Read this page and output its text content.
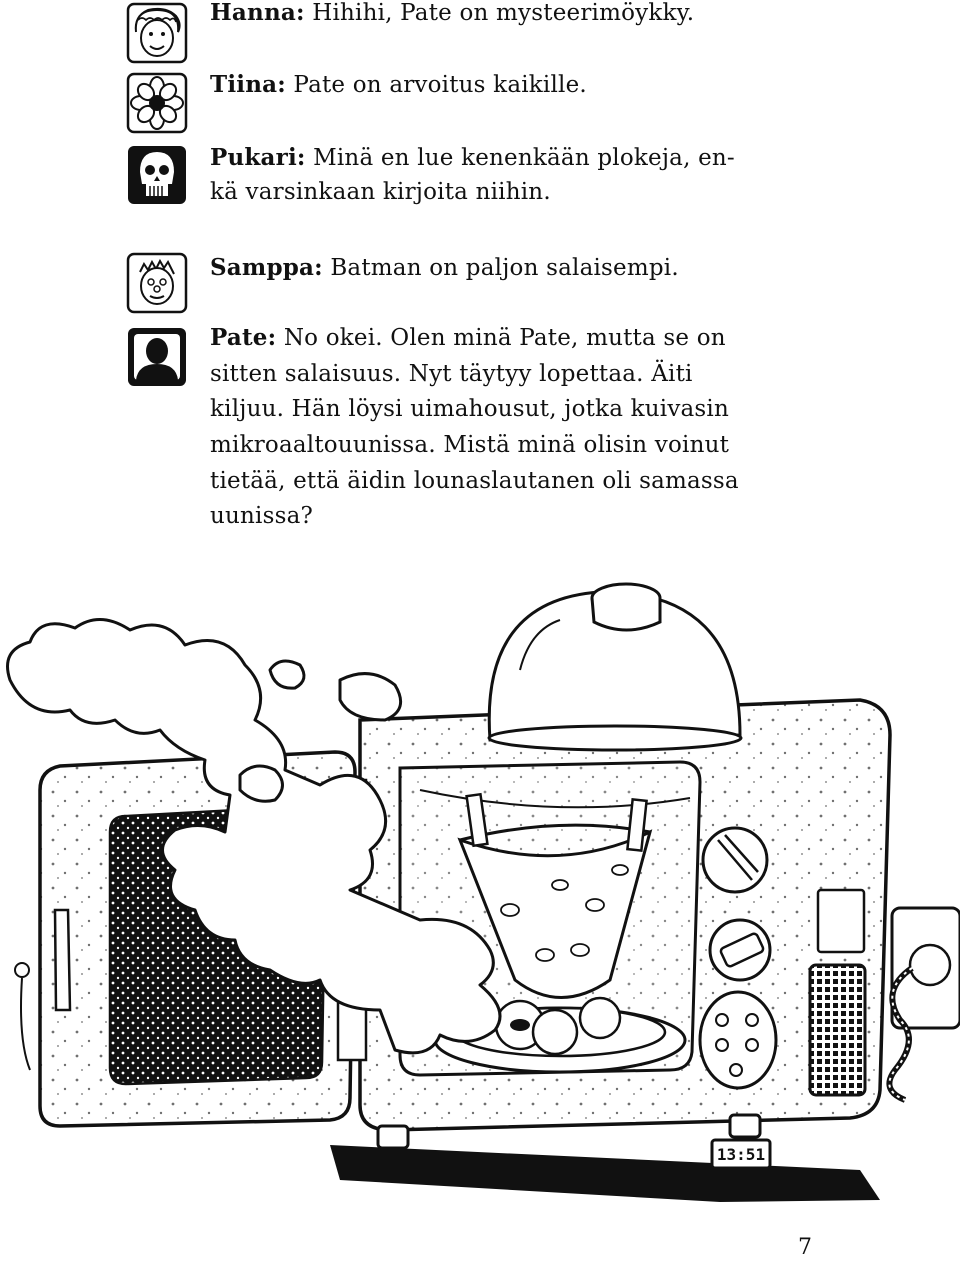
Hanna: Hihihi, Pate on mysteerimöykky.
Tiina: Pate on arvoitus kaikille.
Pukari: Minä en lue kenenkään plokeja, en-
kä varsinkaan kirjoita niihin.
Samppa: Batman on paljon salaisempi.
Pate: No okei. Olen minä Pate, mutta se on
sitten salaisuus. Nyt täytyy lopettaa. Äiti
kiljuu. Hän löysi uimahousut, jotka kuivasin
mikroaaltouunissa. Mistä minä olisin voinut
tietää, että äidin lounaslautanen oli samassa
uunissa?
13:51
7
